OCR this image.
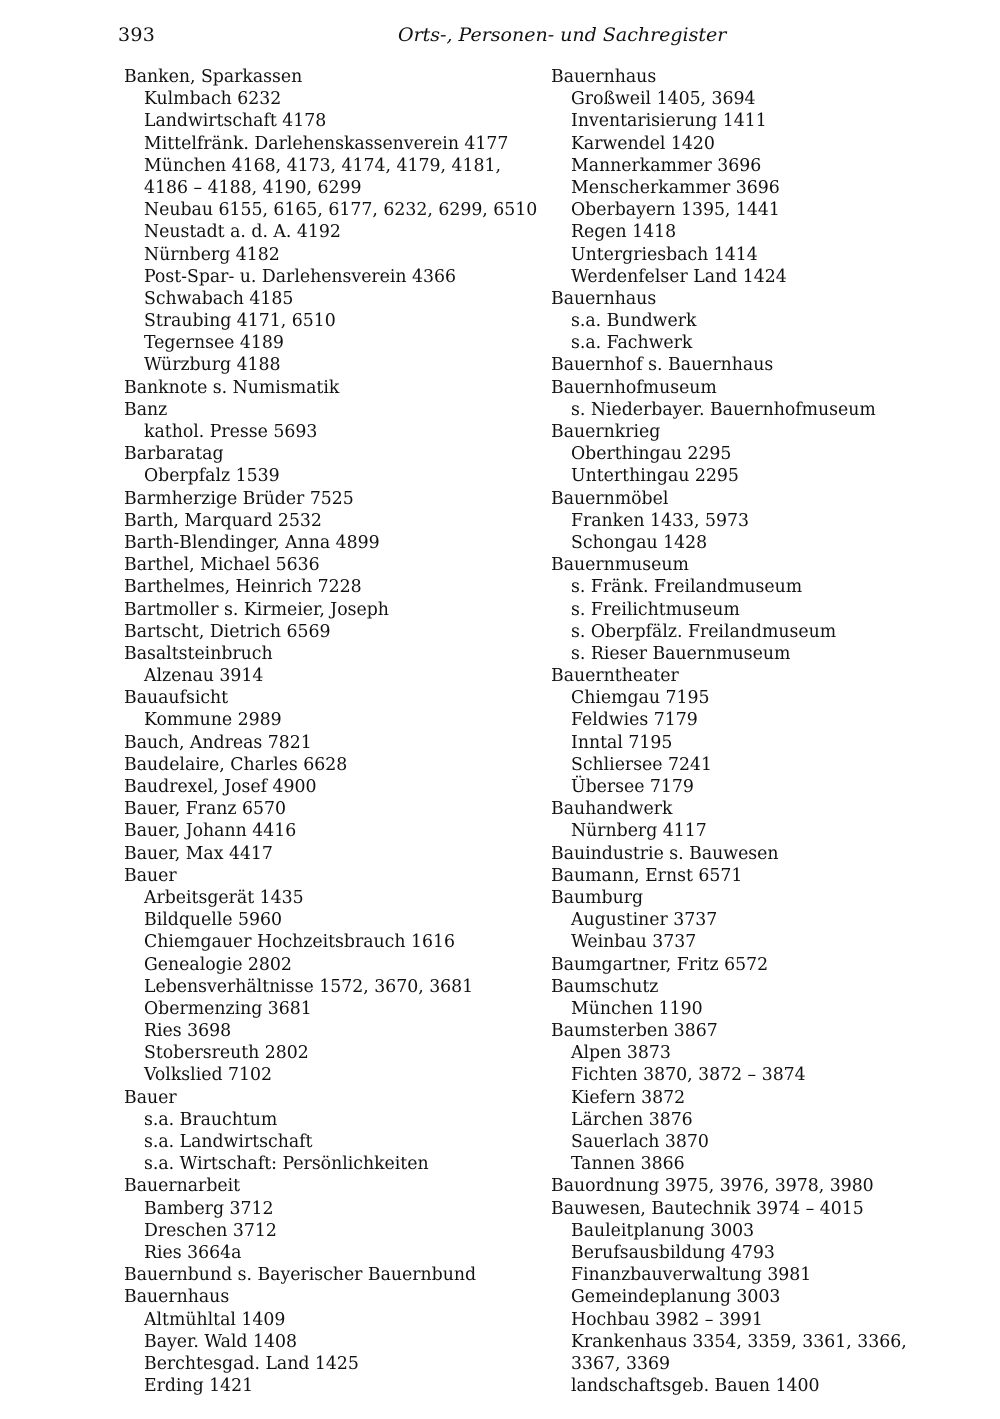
393	Orts-, Personen- und Sachregister
Banken, Sparkassen
Kulmbach 6232
Landwirtschaft 4178
Mittelfränk. Darlehenskassenverein 4177
München 4168, 4173, 4174, 4179, 4181,
4186 – 4188, 4190, 6299
Neubau 6155, 6165, 6177, 6232, 6299, 6510
Neustadt a. d. A. 4192
Nürnberg 4182
Post-Spar- u. Darlehensverein 4366
Schwabach 4185
Straubing 4171, 6510
Tegernsee 4189
Würzburg 4188
Banknote s. Numismatik
Banz
kathol. Presse 5693
Barbaratag
Oberpfalz 1539
Barmherzige Brüder 7525
Barth, Marquard 2532
Barth-Blendinger, Anna 4899
Barthel, Michael 5636
Barthelmes, Heinrich 7228
Bartmoller s. Kirmeier, Joseph
Bartscht, Dietrich 6569
Basaltsteinbruch
Alzenau 3914
Bauaufsicht
Kommune 2989
Bauch, Andreas 7821
Baudelaire, Charles 6628
Baudrexel, Josef 4900
Bauer, Franz 6570
Bauer, Johann 4416
Bauer, Max 4417
Bauer
Arbeitsgerät 1435
Bildquelle 5960
Chiemgauer Hochzeitsbrauch 1616
Genealogie 2802
Lebensverhältnisse 1572, 3670, 3681
Obermenzing 3681
Ries 3698
Stobersreuth 2802
Volkslied 7102
Bauer
s.a. Brauchtum
s.a. Landwirtschaft
s.a. Wirtschaft: Persönlichkeiten
Bauernarbeit
Bamberg 3712
Dreschen 3712
Ries 3664a
Bauernbund s. Bayerischer Bauernbund
Bauernhaus
Altmühltal 1409
Bayer. Wald 1408
Berchtesgad. Land 1425
Erding 1421
Bauernhaus
Großweil 1405, 3694
Inventarisierung 1411
Karwendel 1420
Mannerkammer 3696
Menscherkammer 3696
Oberbayern 1395, 1441
Regen 1418
Untergriesbach 1414
Werdenfelser Land 1424
Bauernhaus
s.a. Bundwerk
s.a. Fachwerk
Bauernhof s. Bauernhaus
Bauernhofmuseum
s. Niederbayer. Bauernhofmuseum
Bauernkrieg
Oberthingau 2295
Unterthingau 2295
Bauernmöbel
Franken 1433, 5973
Schongau 1428
Bauernmuseum
s. Fränk. Freilandmuseum
s. Freilichtmuseum
s. Oberpfälz. Freilandmuseum
s. Rieser Bauernmuseum
Bauerntheater
Chiemgau 7195
Feldwies 7179
Inntal 7195
Schliersee 7241
Übersee 7179
Bauhandwerk
Nürnberg 4117
Bauindustrie s. Bauwesen
Baumann, Ernst 6571
Baumburg
Augustiner 3737
Weinbau 3737
Baumgartner, Fritz 6572
Baumschutz
München 1190
Baumsterben 3867
Alpen 3873
Fichten 3870, 3872 – 3874
Kiefern 3872
Lärchen 3876
Sauerlach 3870
Tannen 3866
Bauordnung 3975, 3976, 3978, 3980
Bauwesen, Bautechnik 3974 – 4015
Bauleitplanung 3003
Berufsausbildung 4793
Finanzbauverwaltung 3981
Gemeindeplanung 3003
Hochbau 3982 – 3991
Krankenhaus 3354, 3359, 3361, 3366,
3367, 3369
landschaftsgeb. Bauen 1400
